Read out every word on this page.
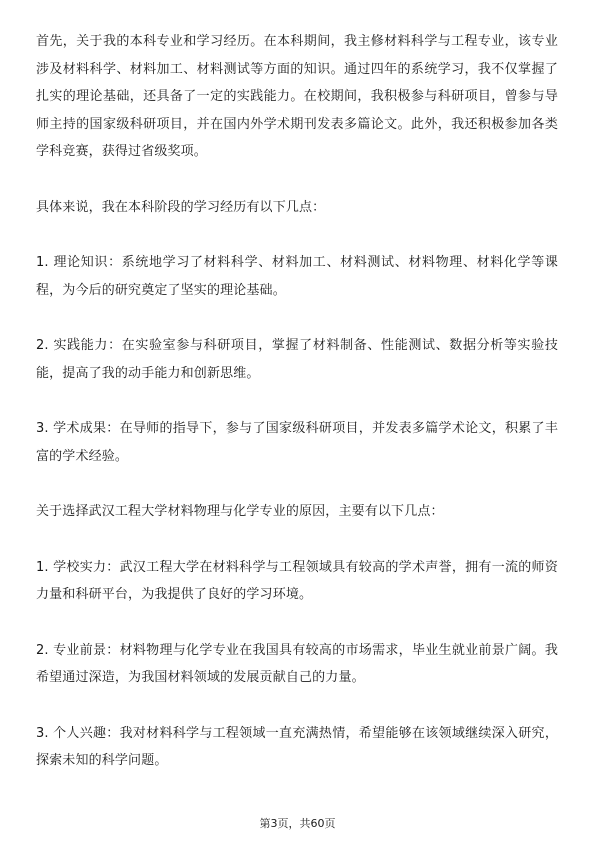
首先，关于我的本科专业和学习经历。在本科期间，我主修材料科学与工程专业，该专业涉及材料科学、材料加工、材料测试等方面的知识。通过四年的系统学习，我不仅掌握了扎实的理论基础，还具备了一定的实践能力。在校期间，我积极参与科研项目，曾参与导师主持的国家级科研项目，并在国内外学术期刊发表多篇论文。此外，我还积极参加各类学科竞赛，获得过省级奖项。

具体来说，我在本科阶段的学习经历有以下几点：

1. 理论知识：系统地学习了材料科学、材料加工、材料测试、材料物理、材料化学等课程，为今后的研究奠定了坚实的理论基础。

2. 实践能力：在实验室参与科研项目，掌握了材料制备、性能测试、数据分析等实验技能，提高了我的动手能力和创新思维。

3. 学术成果：在导师的指导下，参与了国家级科研项目，并发表多篇学术论文，积累了丰富的学术经验。

关于选择武汉工程大学材料物理与化学专业的原因，主要有以下几点：

1. 学校实力：武汉工程大学在材料科学与工程领域具有较高的学术声誉，拥有一流的师资力量和科研平台，为我提供了良好的学习环境。

2. 专业前景：材料物理与化学专业在我国具有较高的市场需求，毕业生就业前景广阔。我希望通过深造，为我国材料领域的发展贡献自己的力量。

3. 个人兴趣：我对材料科学与工程领域一直充满热情，希望能够在该领域继续深入研究，探索未知的科学问题。

第3页，共60页
